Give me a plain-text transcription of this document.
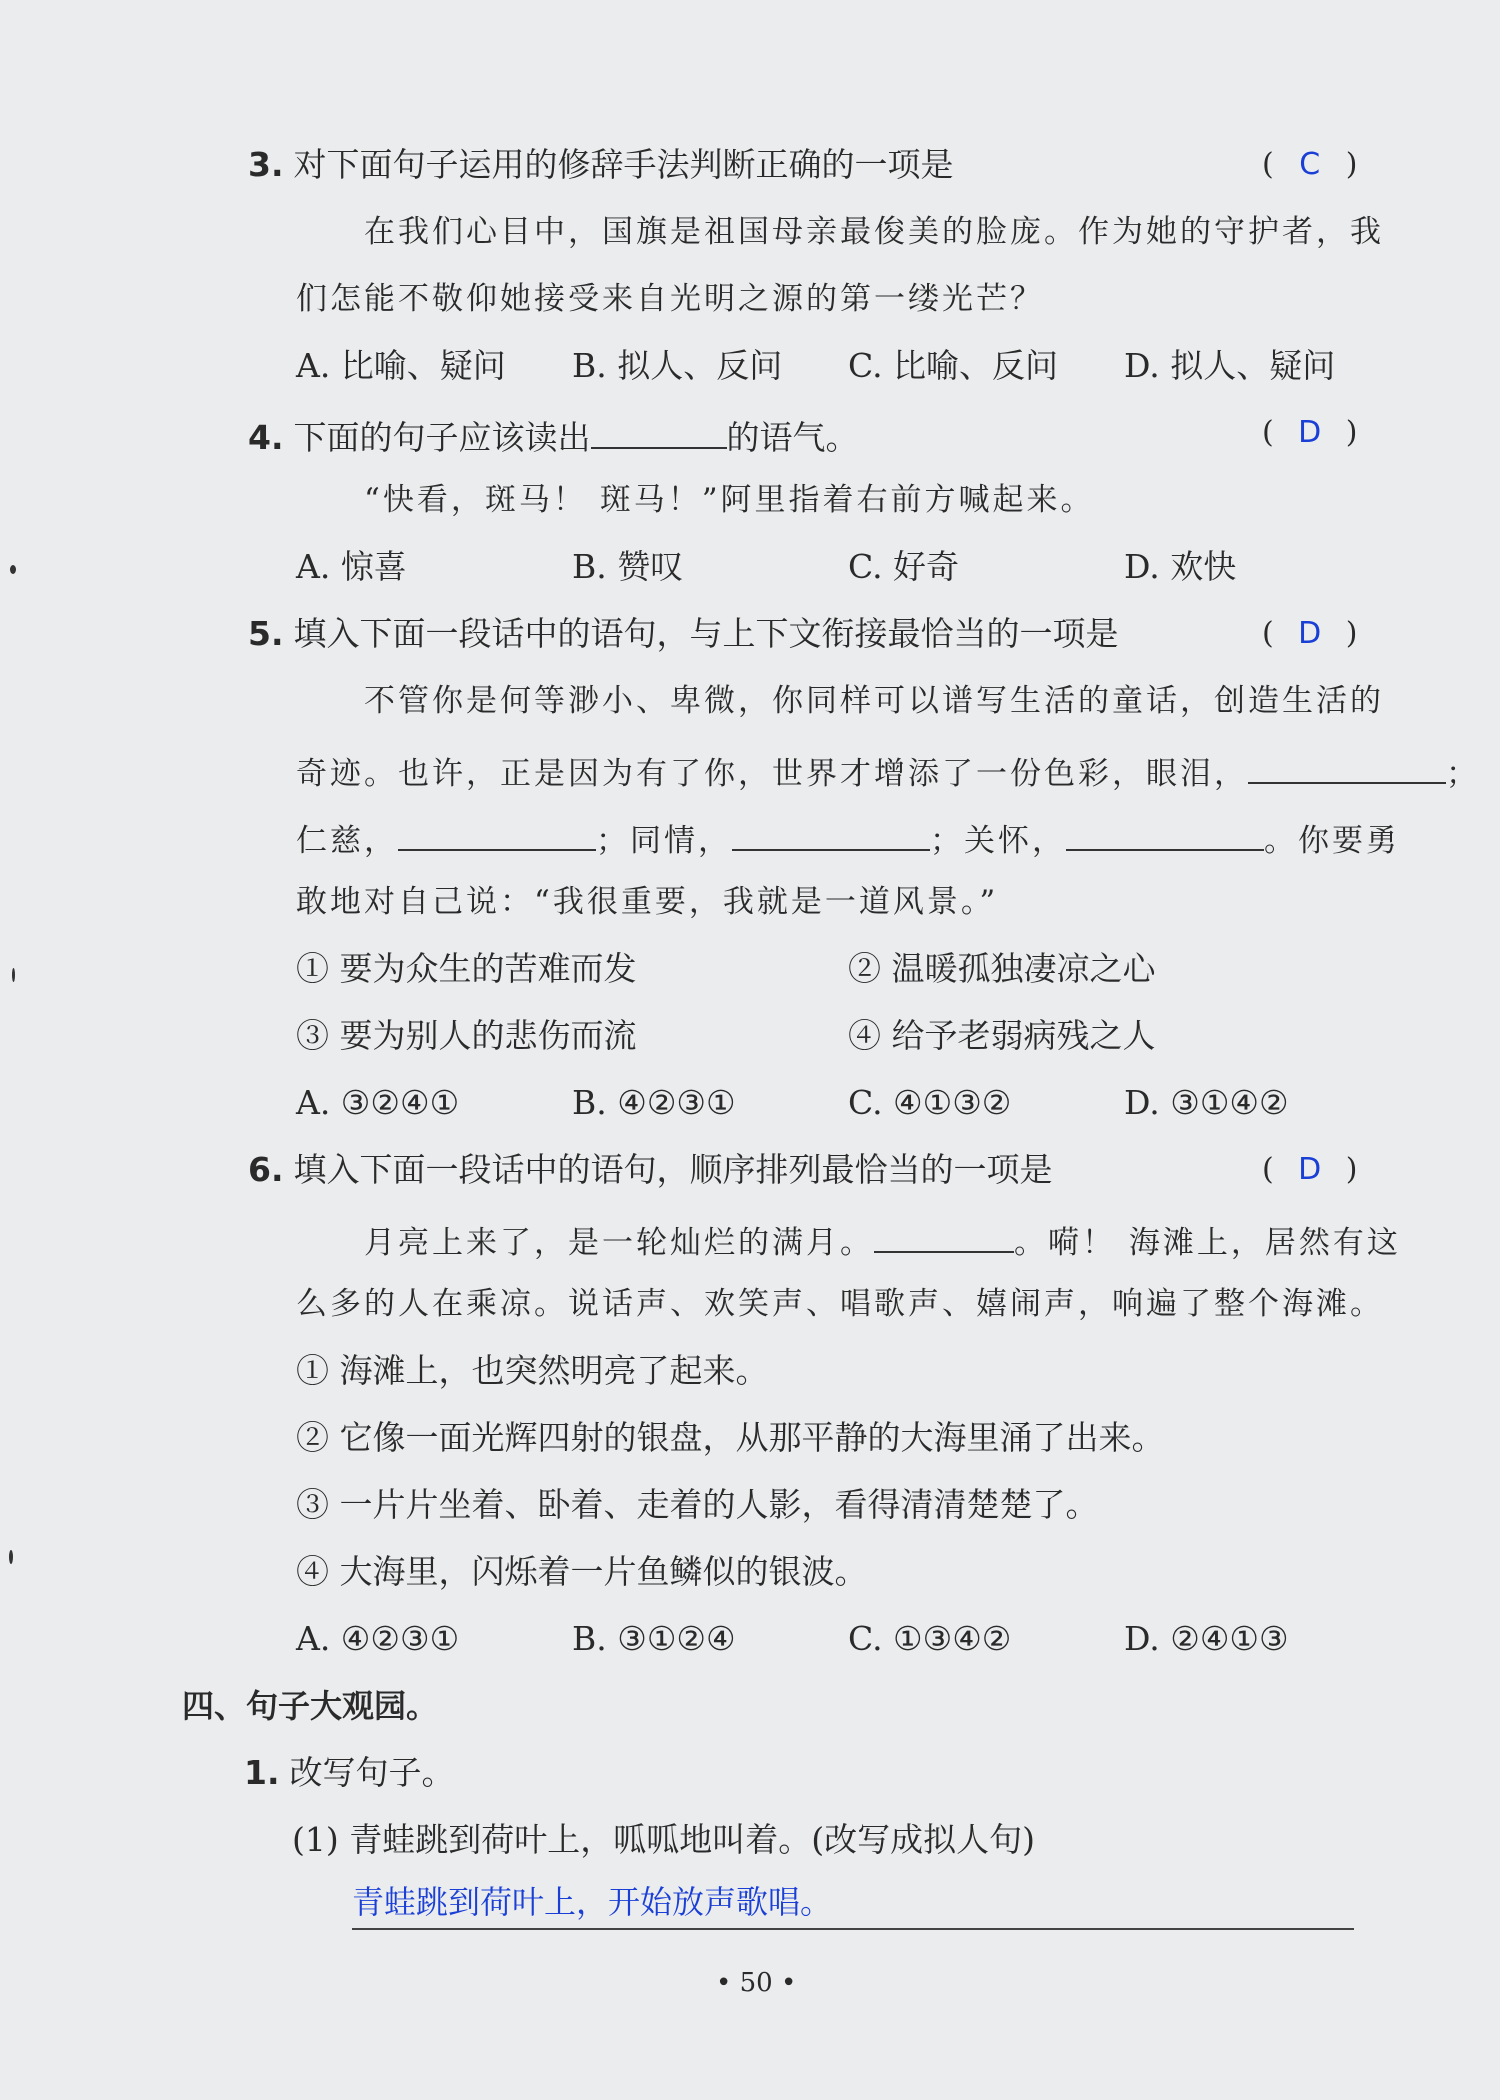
3. 对下面句子运用的修辞手法判断正确的一项是	( C )
在我们心目中，国旗是祖国母亲最俊美的脸庞。作为她的守护者，我
们怎能不敬仰她接受来自光明之源的第一缕光芒？
A. 比喻、疑问 B. 拟人、反问 C. 比喻、反问 D. 拟人、疑问
4. 下面的句子应该读出	的语气。	( D )
“快看，斑马！ 斑马！”阿里指着右前方喊起来。
A. 惊喜	B. 赞叹	C. 好奇	D. 欢快
5. 填入下面一段话中的语句，与上下文衔接最恰当的一项是	( D )
不管你是何等渺小、卑微，你同样可以谱写生活的童话，创造生活的
奇迹。也许，正是因为有了你，世界才增添了一份色彩，眼泪，	；
仁慈，	；同情，	；关怀，	。你要勇
敢地对自己说：“我很重要，我就是一道风景。”
① 要为众生的苦难而发	② 温暖孤独凄凉之心
③ 要为别人的悲伤而流	④ 给予老弱病残之人
A. ③②④①	B. ④②③①	C. ④①③②	D. ③①④②
6. 填入下面一段话中的语句，顺序排列最恰当的一项是	( D )
月亮上来了，是一轮灿烂的满月。	。嗬！ 海滩上，居然有这
么多的人在乘凉。说话声、欢笑声、唱歌声、嬉闹声，响遍了整个海滩。
① 海滩上，也突然明亮了起来。
② 它像一面光辉四射的银盘，从那平静的大海里涌了出来。
③ 一片片坐着、卧着、走着的人影，看得清清楚楚了。
④ 大海里，闪烁着一片鱼鳞似的银波。
A. ④②③①	B. ③①②④	C. ①③④②	D. ②④①③
四、句子大观园。
1. 改写句子。
(1) 青蛙跳到荷叶上，呱呱地叫着。(改写成拟人句)
青蛙跳到荷叶上，开始放声歌唱。
• 50 •
